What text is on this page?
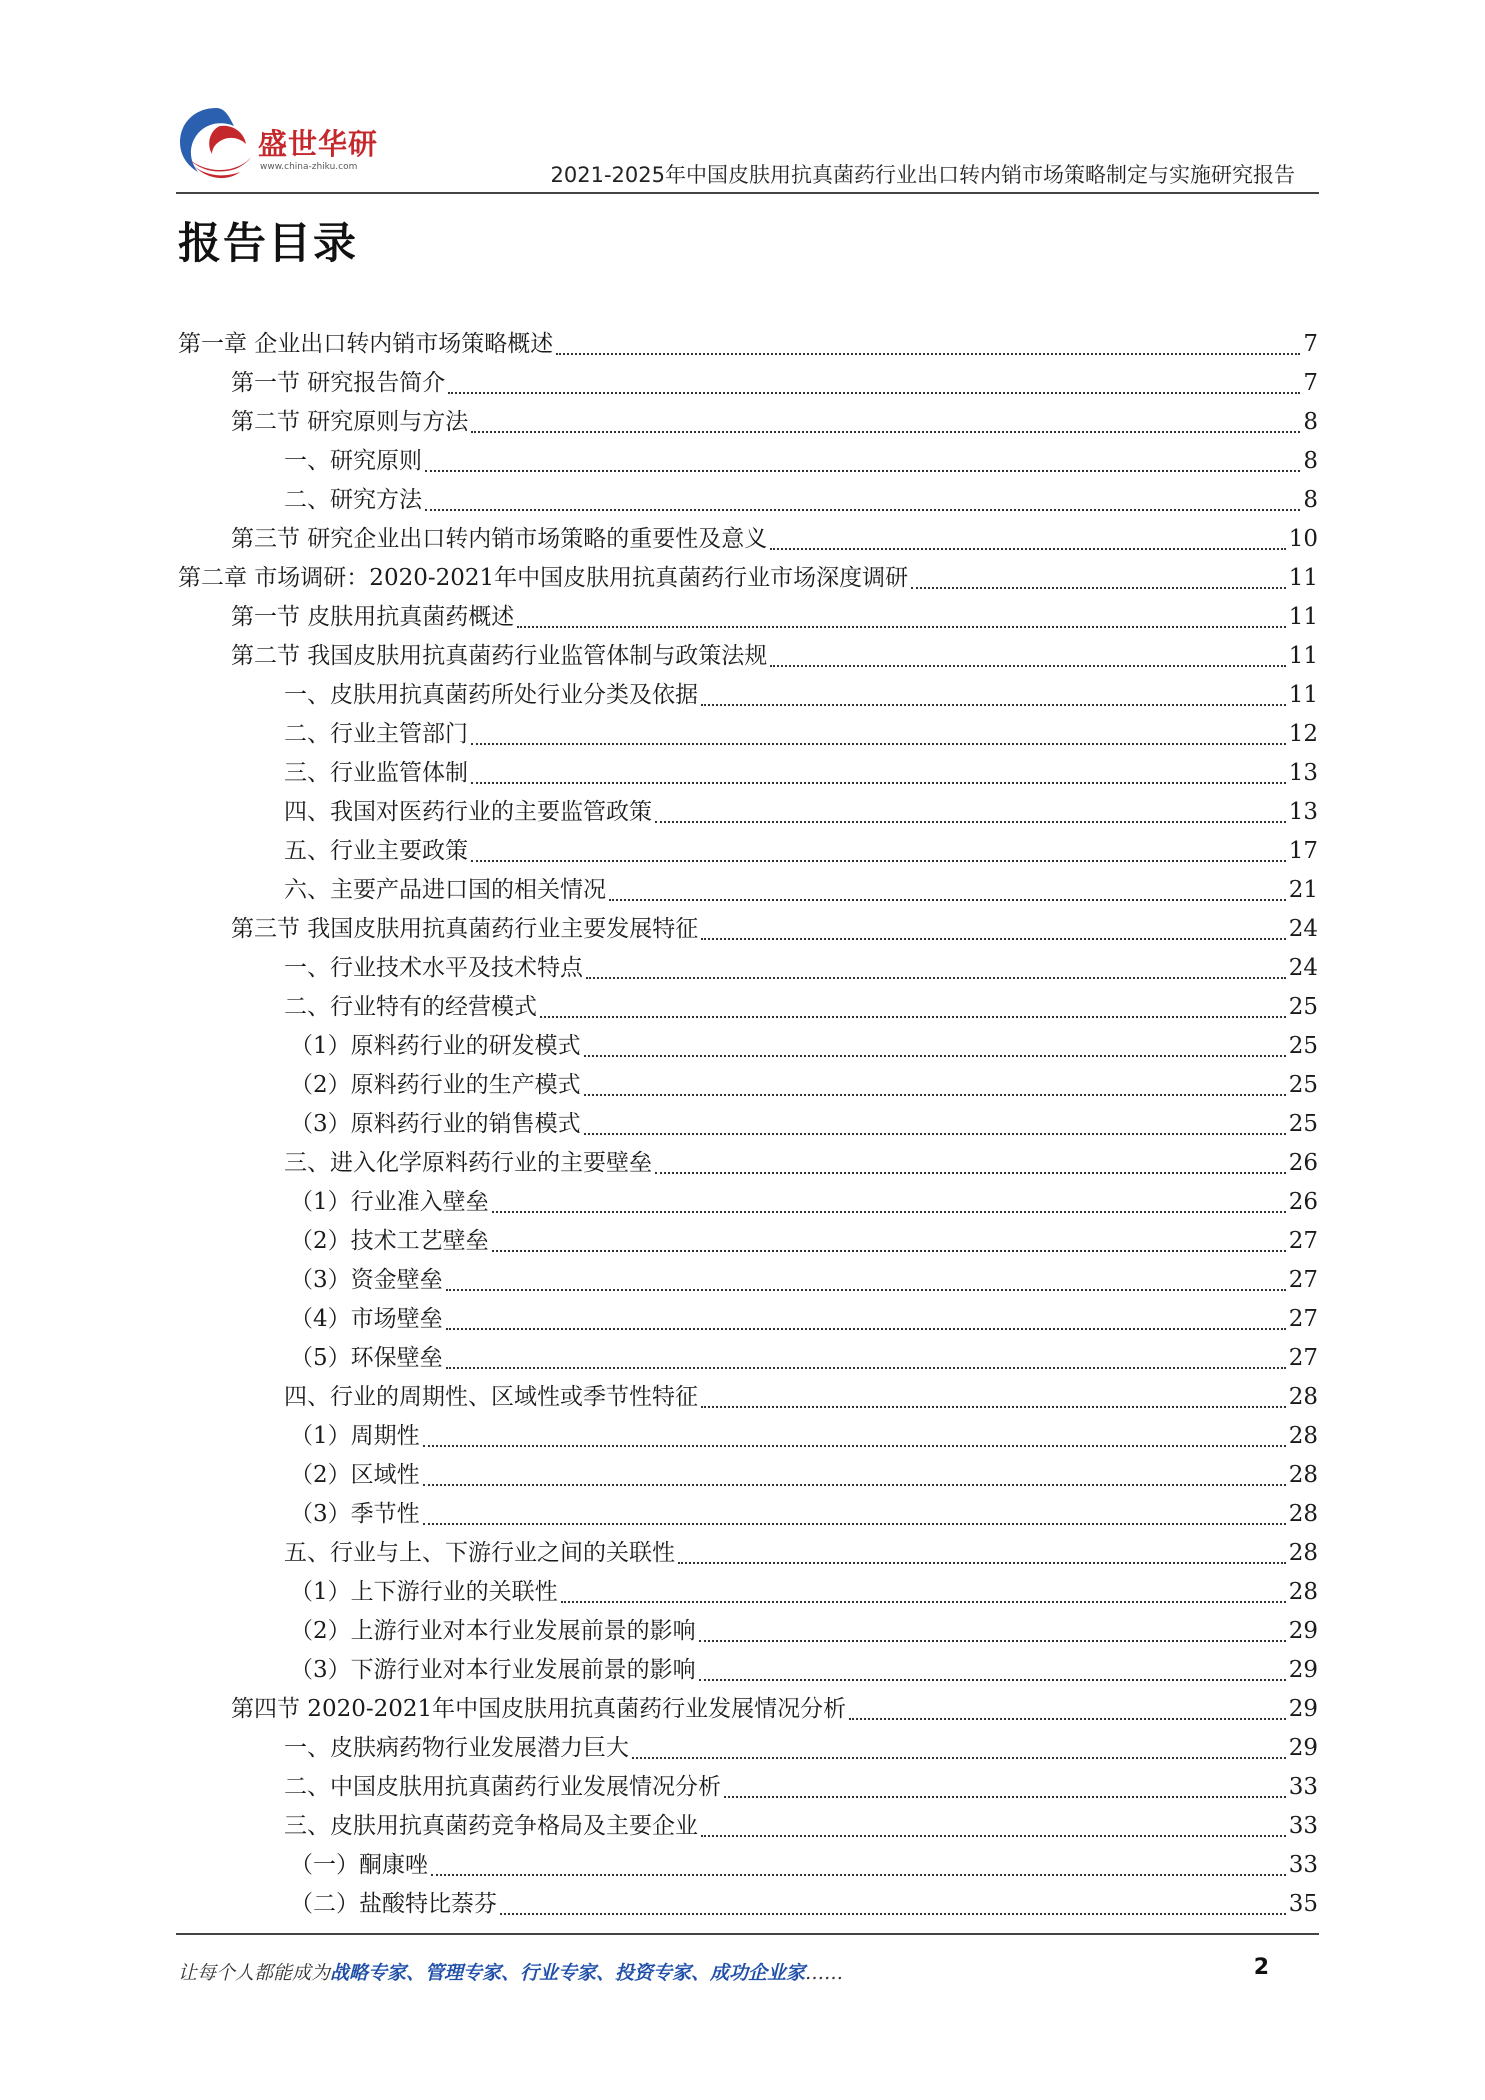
盛世华研
www.china-zhiku.com	2021-2025年中国皮肤用抗真菌药行业出口转内销市场策略制定与实施研究报告
报告目录
第一章 企业出口转内销市场策略概述	7
第一节 研究报告简介	7
第二节 研究原则与方法	8
一、研究原则	8
二、研究方法	8
第三节 研究企业出口转内销市场策略的重要性及意义	10
第二章 市场调研：2020-2021年中国皮肤用抗真菌药行业市场深度调研	11
第一节 皮肤用抗真菌药概述	11
第二节 我国皮肤用抗真菌药行业监管体制与政策法规	11
一、皮肤用抗真菌药所处行业分类及依据	11
二、行业主管部门	12
三、行业监管体制	13
四、我国对医药行业的主要监管政策	13
五、行业主要政策	17
六、主要产品进口国的相关情况	21
第三节 我国皮肤用抗真菌药行业主要发展特征	24
一、行业技术水平及技术特点	24
二、行业特有的经营模式	25
（1）原料药行业的研发模式	25
（2）原料药行业的生产模式	25
（3）原料药行业的销售模式	25
三、进入化学原料药行业的主要壁垒	26
（1）行业准入壁垒	26
（2）技术工艺壁垒	27
（3）资金壁垒	27
（4）市场壁垒	27
（5）环保壁垒	27
四、行业的周期性、区域性或季节性特征	28
（1）周期性	28
（2）区域性	28
（3）季节性	28
五、行业与上、下游行业之间的关联性	28
（1）上下游行业的关联性	28
（2）上游行业对本行业发展前景的影响	29
（3）下游行业对本行业发展前景的影响	29
第四节 2020-2021年中国皮肤用抗真菌药行业发展情况分析	29
一、皮肤病药物行业发展潜力巨大	29
二、中国皮肤用抗真菌药行业发展情况分析	33
三、皮肤用抗真菌药竞争格局及主要企业	33
（一）酮康唑	33
（二）盐酸特比萘芬	35
让每个人都能成为战略专家、管理专家、行业专家、投资专家、成功企业家……	2
